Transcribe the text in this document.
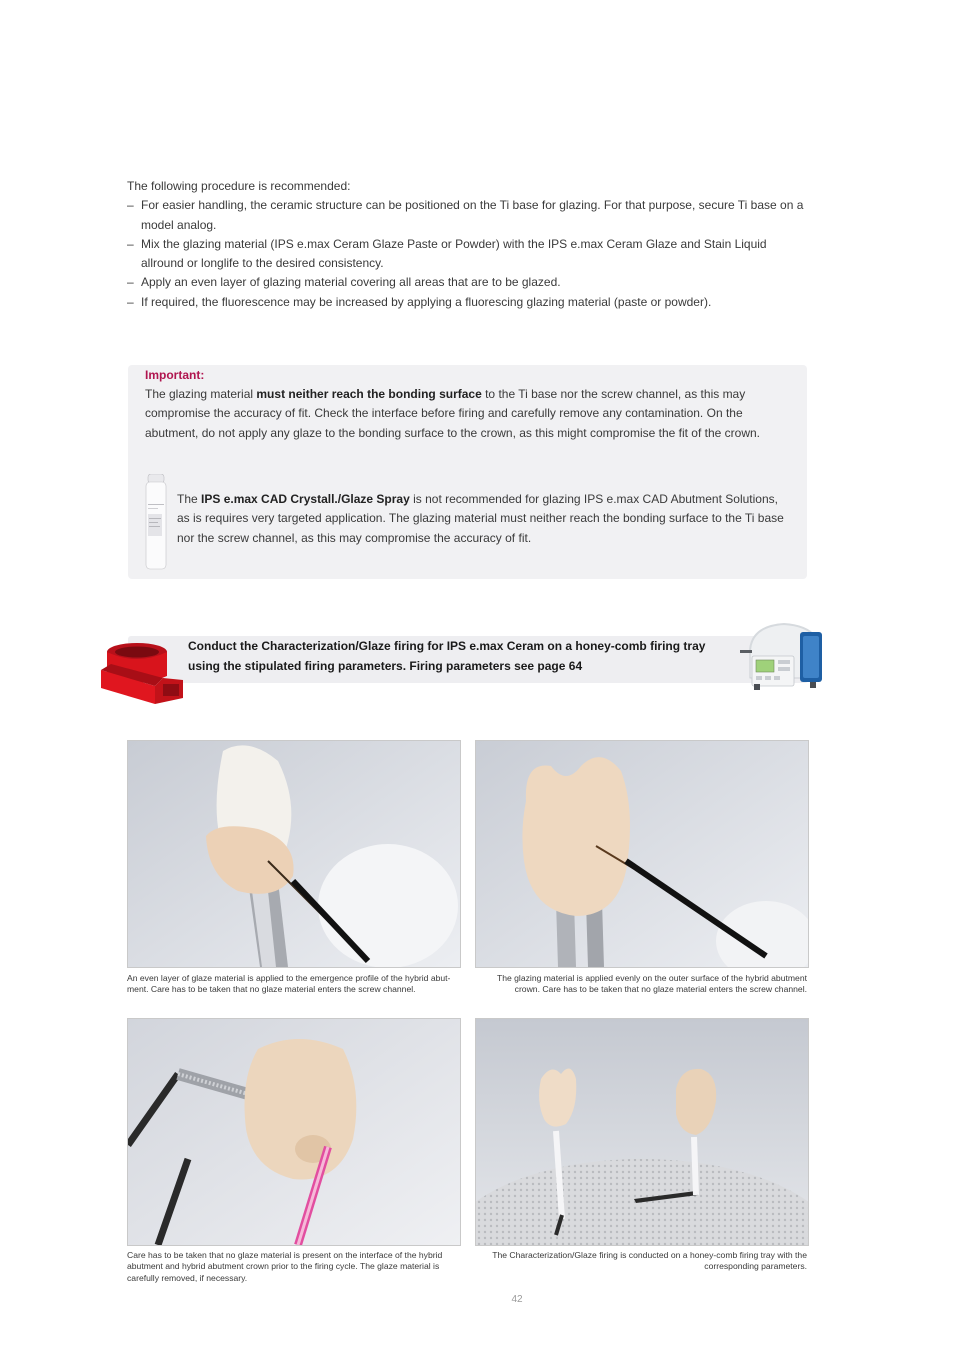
The following procedure is recommended:

– For easier handling, the ceramic structure can be positioned on the Ti base for glazing. For that purpose, secure Ti base on a model analog.
– Mix the glazing material (IPS e.max Ceram Glaze Paste or Powder) with the IPS e.max Ceram Glaze and Stain Liquid allround or longlife to the desired consistency.
– Apply an even layer of glazing material covering all areas that are to be glazed.
– If required, the fluorescence may be increased by applying a fluorescing glazing material (paste or powder).
Important:
The glazing material must neither reach the bonding surface to the Ti base nor the screw channel, as this may compromise the accuracy of fit. Check the interface before firing and carefully remove any contamination. On the abutment, do not apply any glaze to the bonding surface to the crown, as this might compromise the fit of the crown.
The IPS e.max CAD Crystall./Glaze Spray is not recommended for glazing IPS e.max CAD Abutment Solutions, as is requires very targeted application. The glazing material must neither reach the bonding surface to the Ti base nor the screw channel, as this may compromise the accuracy of fit.
Conduct the Characterization/Glaze firing for IPS e.max Ceram on a honey-comb firing tray using the stipulated firing parameters. Firing parameters see page 64
An even layer of glaze material is applied to the emergence profile of the hybrid abut-ment. Care has to be taken that no glaze material enters the screw channel.
The glazing material is applied evenly on the outer surface of the hybrid abutment crown. Care has to be taken that no glaze material enters the screw channel.
Care has to be taken that no glaze material is present on the interface of the hybrid abutment and hybrid abutment crown prior to the firing cycle. The glaze material is carefully removed, if necessary.
The Characterization/Glaze firing is conducted on a honey-comb firing tray with the corresponding parameters.
42
